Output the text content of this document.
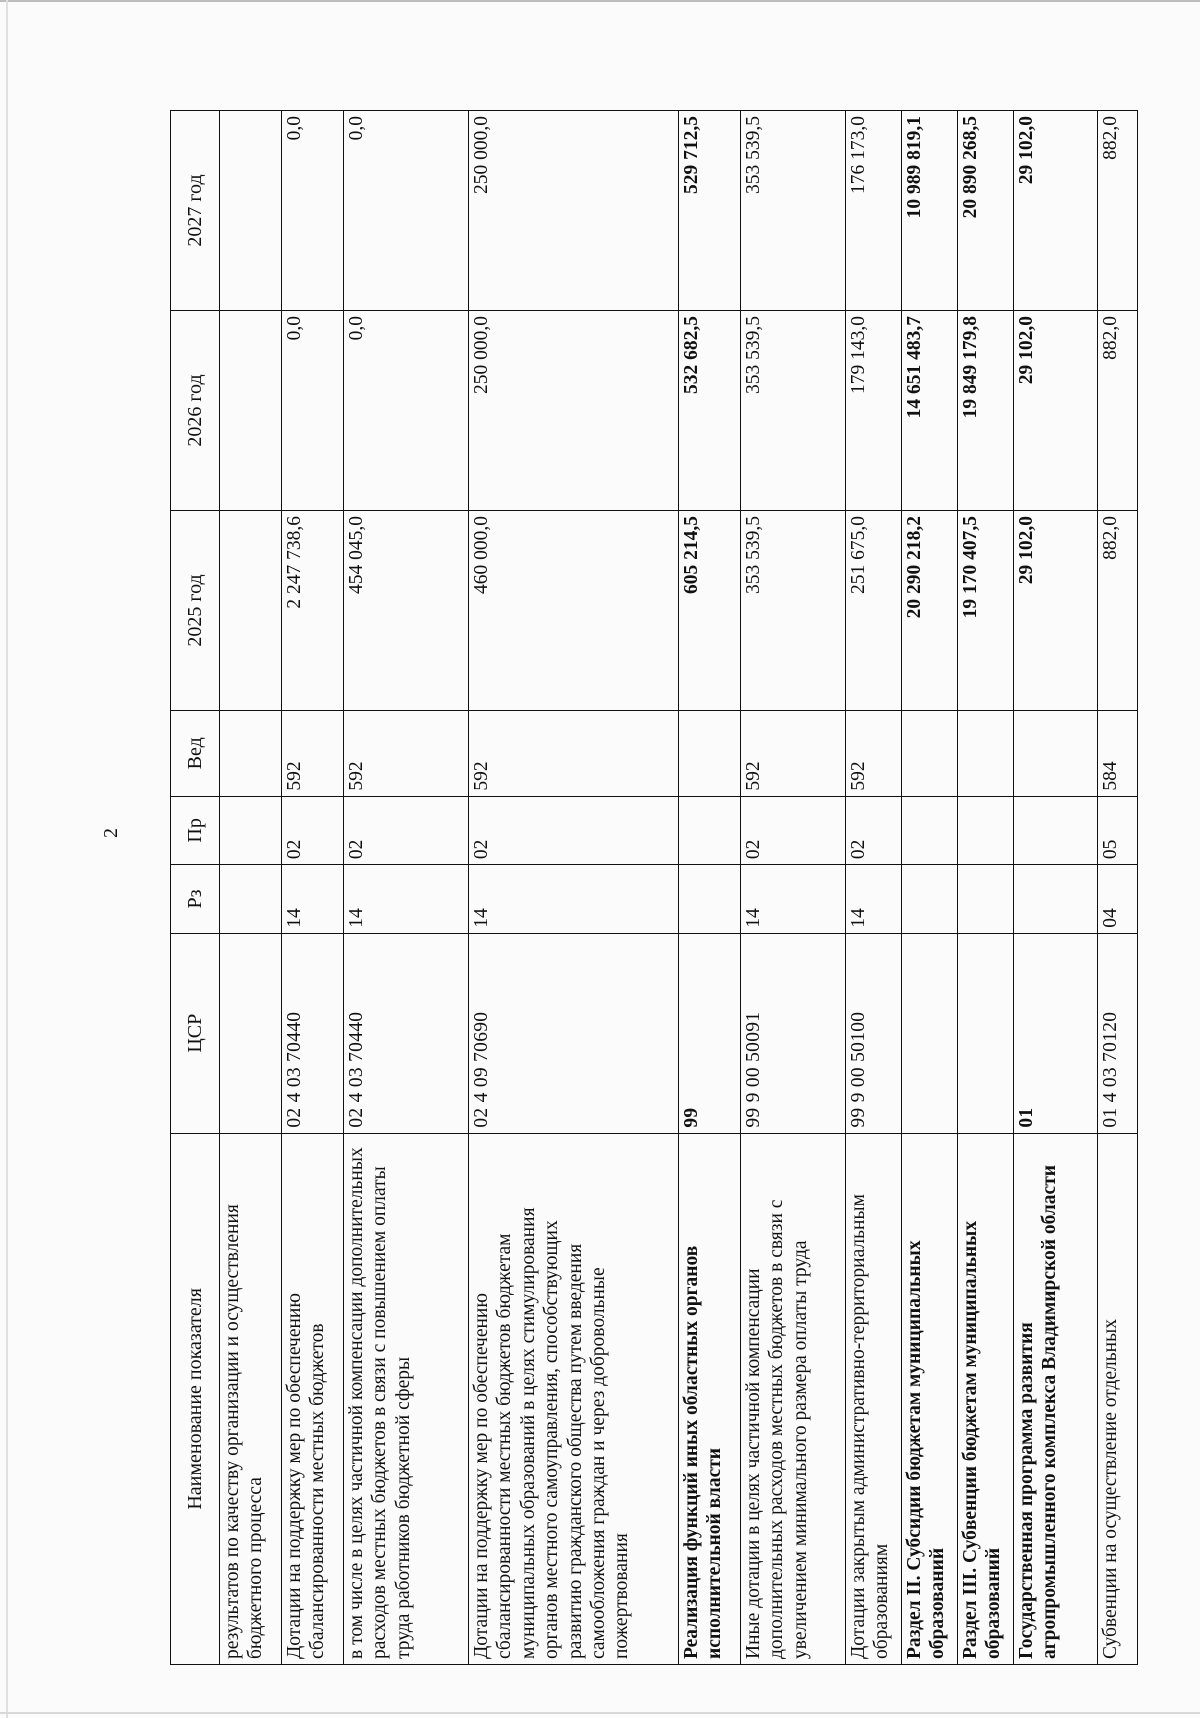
2
Наименование показателя	ЦСР	Рз	Пр	Вед	2025 год	2026 год	2027 год
результатов по качеству организации и осуществления бюджетного процесса							
Дотации на поддержку мер по обеспечению сбалансированности местных бюджетов	02 4 03 70440	14	02	592	2 247 738,6	0,0	0,0
в том числе в целях частичной компенсации дополнительных расходов местных бюджетов в связи с повышением оплаты труда работников бюджетной сферы	02 4 03 70440	14	02	592	454 045,0	0,0	0,0
Дотации на поддержку мер по обеспечению сбалансированности местных бюджетов бюджетам муниципальных образований в целях стимулирования органов местного самоуправления, способствующих развитию гражданского общества путем введения самообложения граждан и через добровольные пожертвования	02 4 09 70690	14	02	592	460 000,0	250 000,0	250 000,0
Реализация функций иных областных органов исполнительной власти	99				605 214,5	532 682,5	529 712,5
Иные дотации в целях частичной компенсации дополнительных расходов местных бюджетов в связи с увеличением минимального размера оплаты труда	99 9 00 50091	14	02	592	353 539,5	353 539,5	353 539,5
Дотации закрытым административно-территориальным образованиям	99 9 00 50100	14	02	592	251 675,0	179 143,0	176 173,0
Раздел II. Субсидии бюджетам муниципальных образований					20 290 218,2	14 651 483,7	10 989 819,1
Раздел III. Субвенции бюджетам муниципальных образований					19 170 407,5	19 849 179,8	20 890 268,5
Государственная программа развития агропромышленного комплекса Владимирской области	01				29 102,0	29 102,0	29 102,0
Субвенции на осуществление отдельных	01 4 03 70120	04	05	584	882,0	882,0	882,0
